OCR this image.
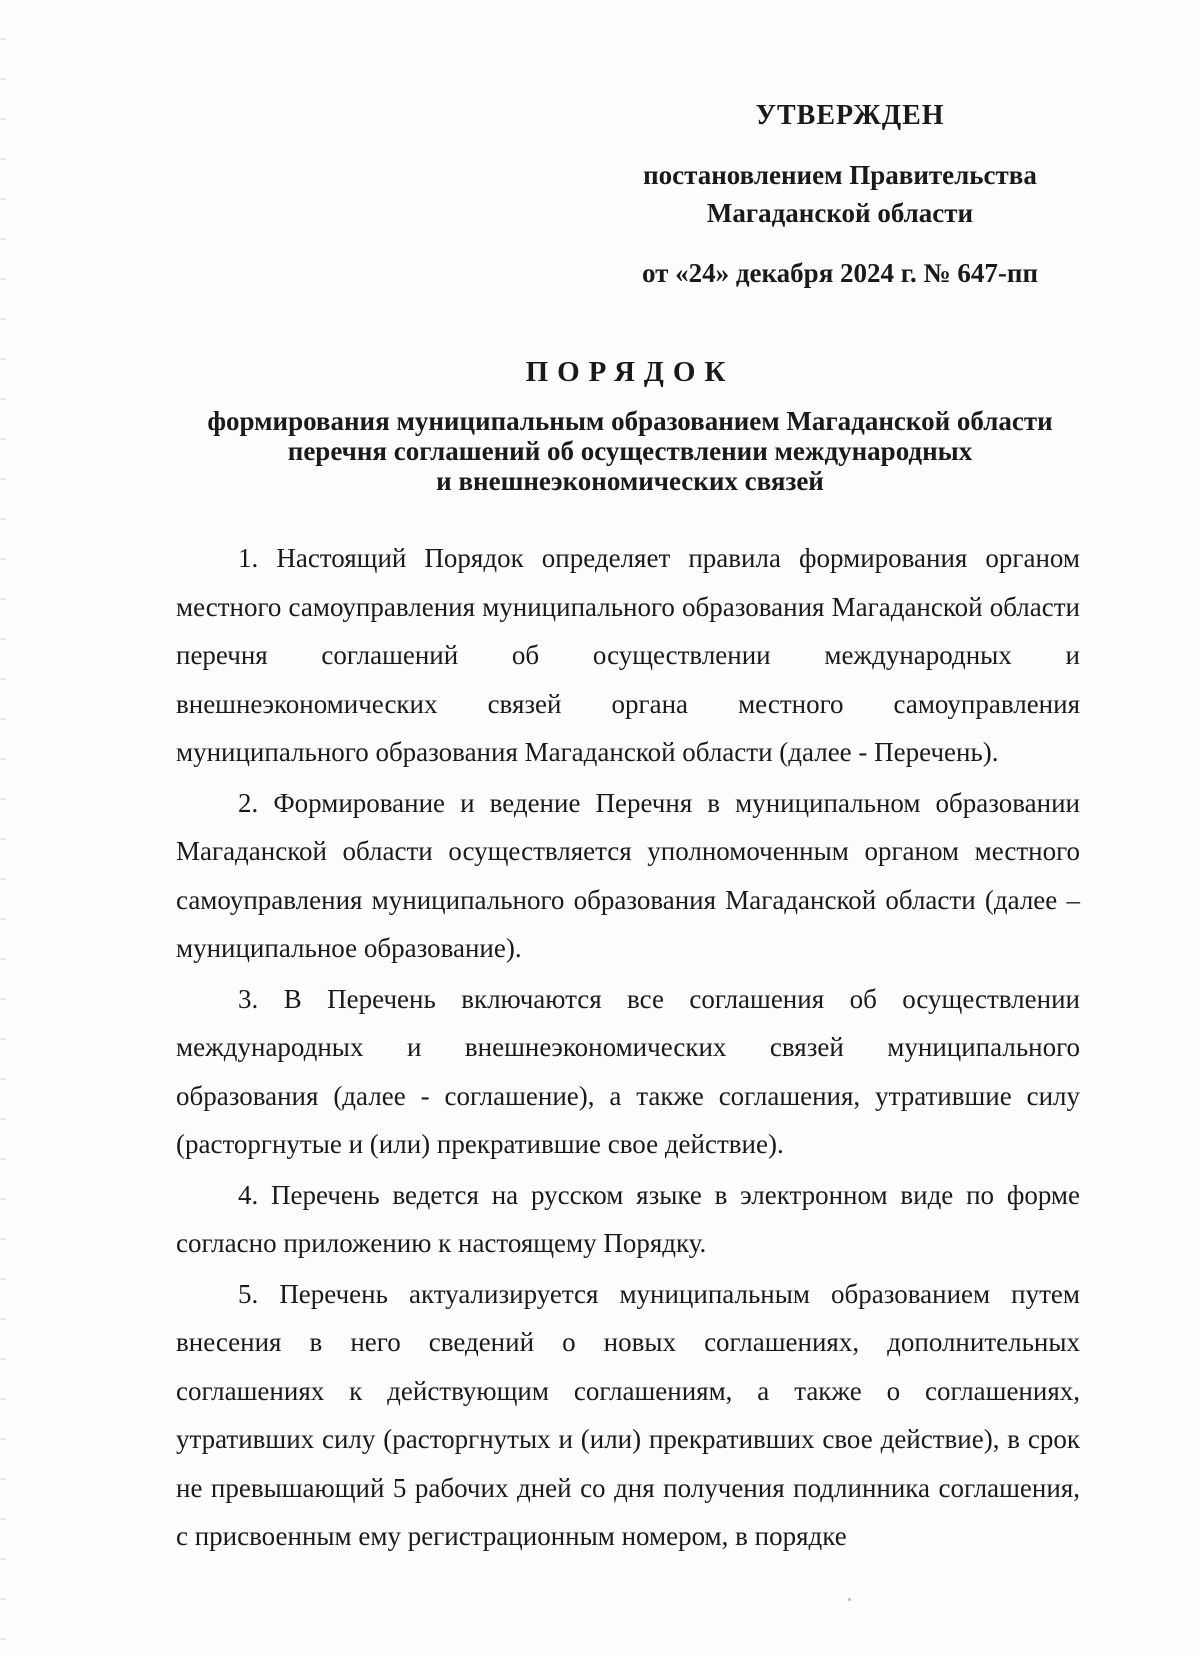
УТВЕРЖДЕН
постановлением Правительства
Магаданской области
от «24» декабря 2024 г. № 647-пп
ПОРЯДОК
формирования муниципальным образованием Магаданской области
перечня соглашений об осуществлении международных
и внешнеэкономических связей

1. Настоящий Порядок определяет правила формирования органом местного самоуправления муниципального образования Магаданской области перечня соглашений об осуществлении международных и внешнеэкономических связей органа местного самоуправления муниципального образования Магаданской области (далее - Перечень).

2. Формирование и ведение Перечня в муниципальном образовании Магаданской области осуществляется уполномоченным органом местного самоуправления муниципального образования Магаданской области (далее – муниципальное образование).

3. В Перечень включаются все соглашения об осуществлении международных и внешнеэкономических связей муниципального образования (далее - соглашение), а также соглашения, утратившие силу (расторгнутые и (или) прекратившие свое действие).

4. Перечень ведется на русском языке в электронном виде по форме согласно приложению к настоящему Порядку.

5. Перечень актуализируется муниципальным образованием путем внесения в него сведений о новых соглашениях, дополнительных соглашениях к действующим соглашениям, а также о соглашениях, утративших силу (расторгнутых и (или) прекративших свое действие), в срок не превышающий 5 рабочих дней со дня получения подлинника соглашения, с присвоенным ему регистрационным номером, в порядке
